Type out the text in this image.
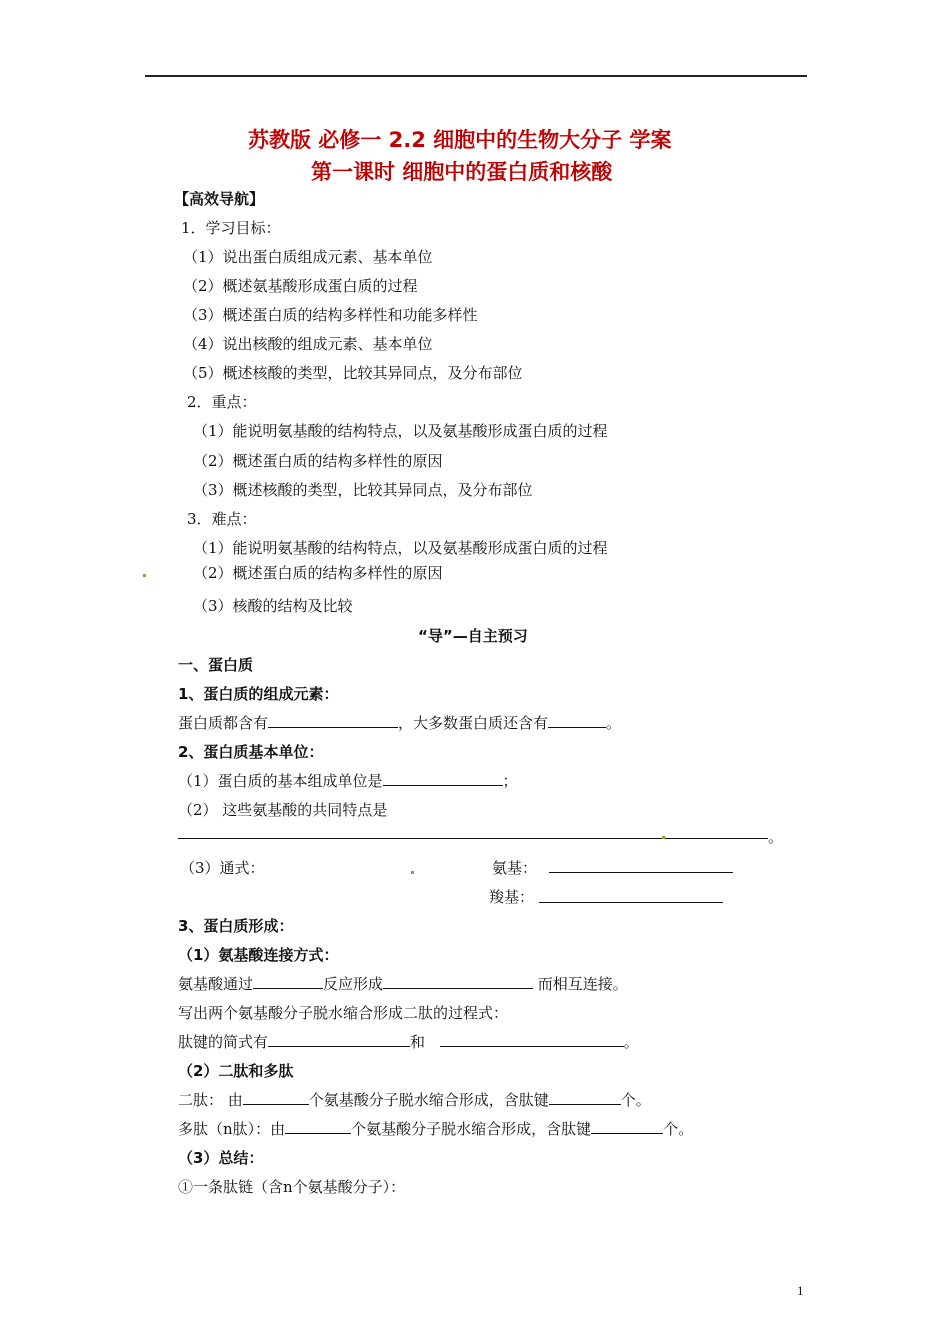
苏教版 必修一 2.2 细胞中的生物大分子 学案
第一课时 细胞中的蛋白质和核酸
【高效导航】
1．学习目标：
（1）说出蛋白质组成元素、基本单位
（2）概述氨基酸形成蛋白质的过程
（3）概述蛋白质的结构多样性和功能多样性
（4）说出核酸的组成元素、基本单位
（5）概述核酸的类型，比较其异同点，及分布部位
2．重点：
（1）能说明氨基酸的结构特点，以及氨基酸形成蛋白质的过程
（2）概述蛋白质的结构多样性的原因
（3）概述核酸的类型，比较其异同点，及分布部位
3．难点：
（1）能说明氨基酸的结构特点，以及氨基酸形成蛋白质的过程
（2）概述蛋白质的结构多样性的原因
（3）核酸的结构及比较
“导”—自主预习
一、蛋白质
1、蛋白质的组成元素：
蛋白质都含有	，大多数蛋白质还含有	。
2、蛋白质基本单位：
（1）蛋白质的基本组成单位是	；
（2） 这些氨基酸的共同特点是
。
（3）通式：	氨基：
羧基：
3、蛋白质形成：
（1）氨基酸连接方式：
氨基酸通过	反应形成	而相互连接。
写出两个氨基酸分子脱水缩合形成二肽的过程式：
肽键的简式有	和	。
（2）二肽和多肽
二肽： 由	个氨基酸分子脱水缩合形成，含肽键	个。
多肽（n肽）：由	个氨基酸分子脱水缩合形成，含肽键	个。
（3）总结：
①一条肽链（含n个氨基酸分子）：
1
